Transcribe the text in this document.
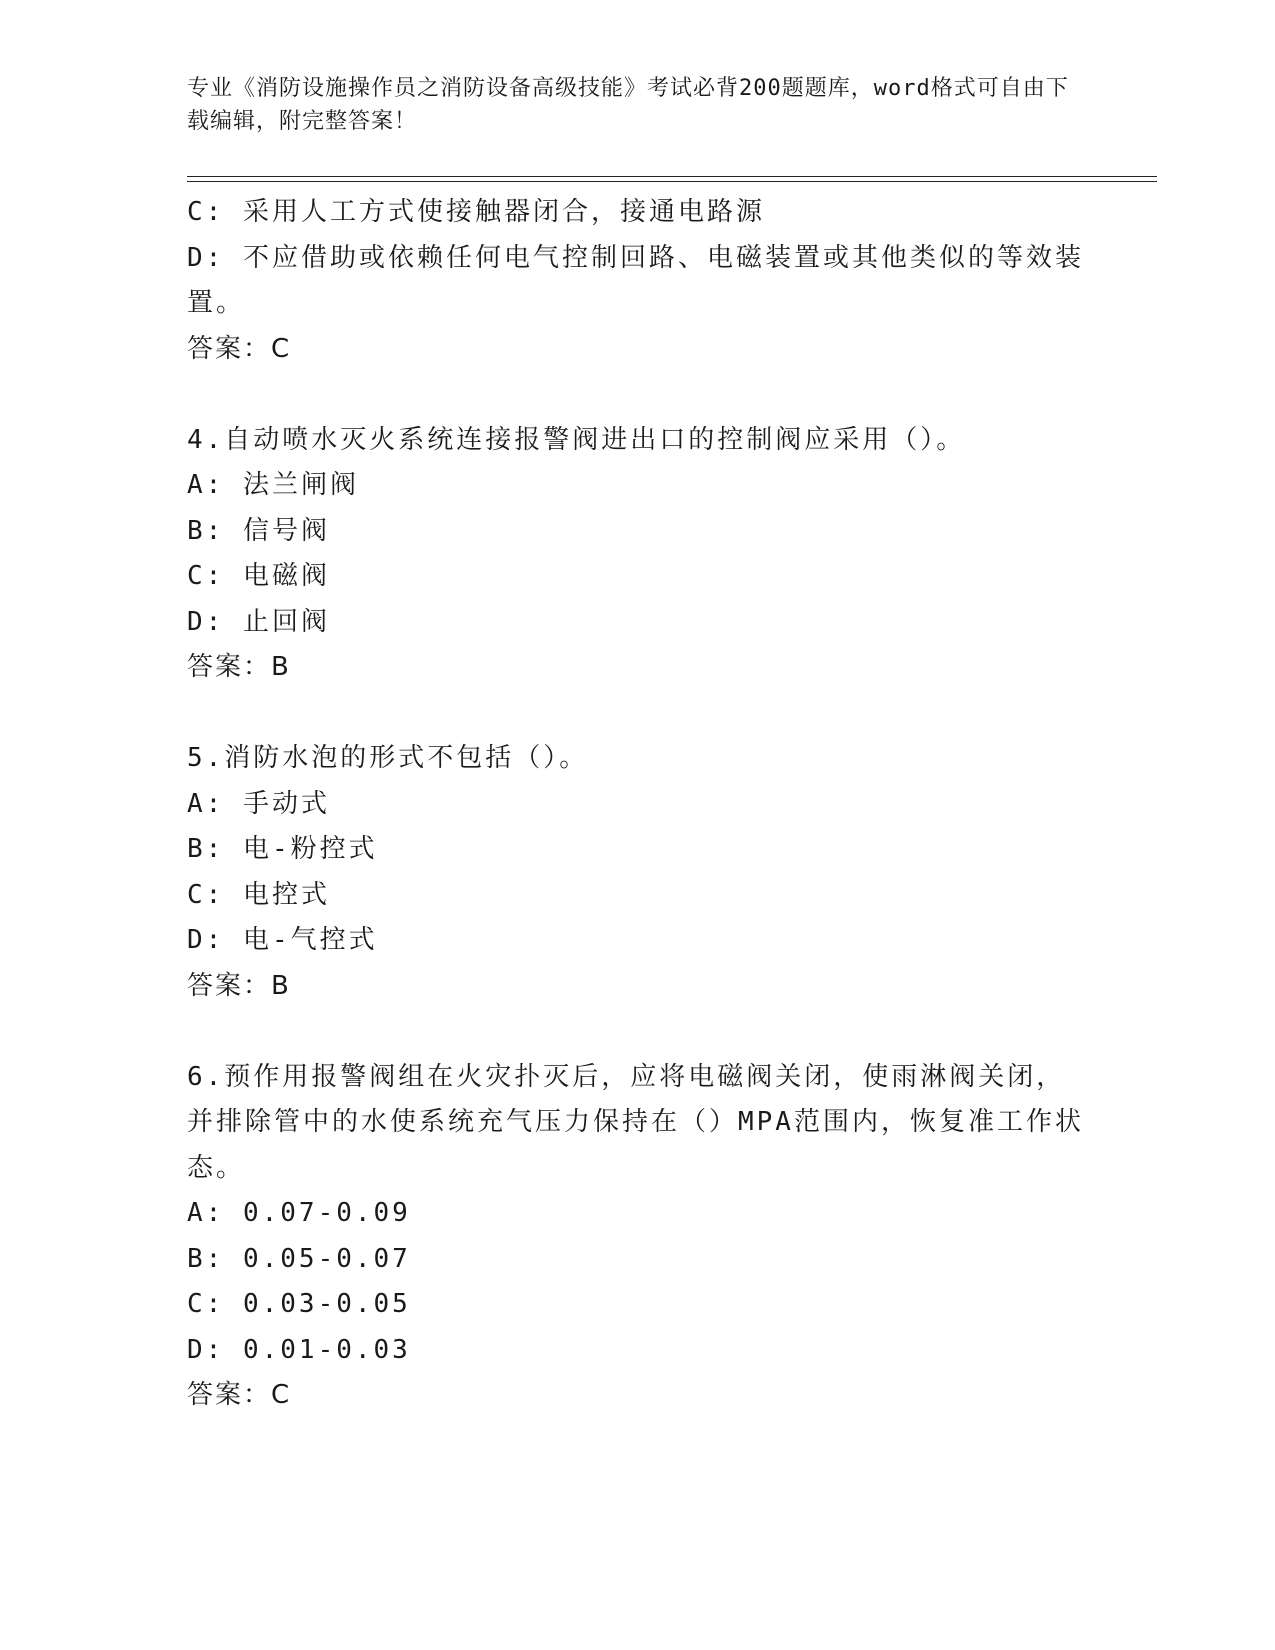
专业《消防设施操作员之消防设备高级技能》考试必背200题题库，word格式可自由下载编辑，附完整答案！
C: 采用人工方式使接触器闭合，接通电路源
D: 不应借助或依赖任何电气控制回路、电磁装置或其他类似的等效装置。
答案：C
4.自动喷水灭火系统连接报警阀进出口的控制阀应采用（）。
A: 法兰闸阀
B: 信号阀
C: 电磁阀
D: 止回阀
答案：B
5.消防水泡的形式不包括（）。
A: 手动式
B: 电-粉控式
C: 电控式
D: 电-气控式
答案：B
6.预作用报警阀组在火灾扑灭后，应将电磁阀关闭，使雨淋阀关闭，并排除管中的水使系统充气压力保持在（）MPA范围内，恢复准工作状态。
A: 0.07-0.09
B: 0.05-0.07
C: 0.03-0.05
D: 0.01-0.03
答案：C
